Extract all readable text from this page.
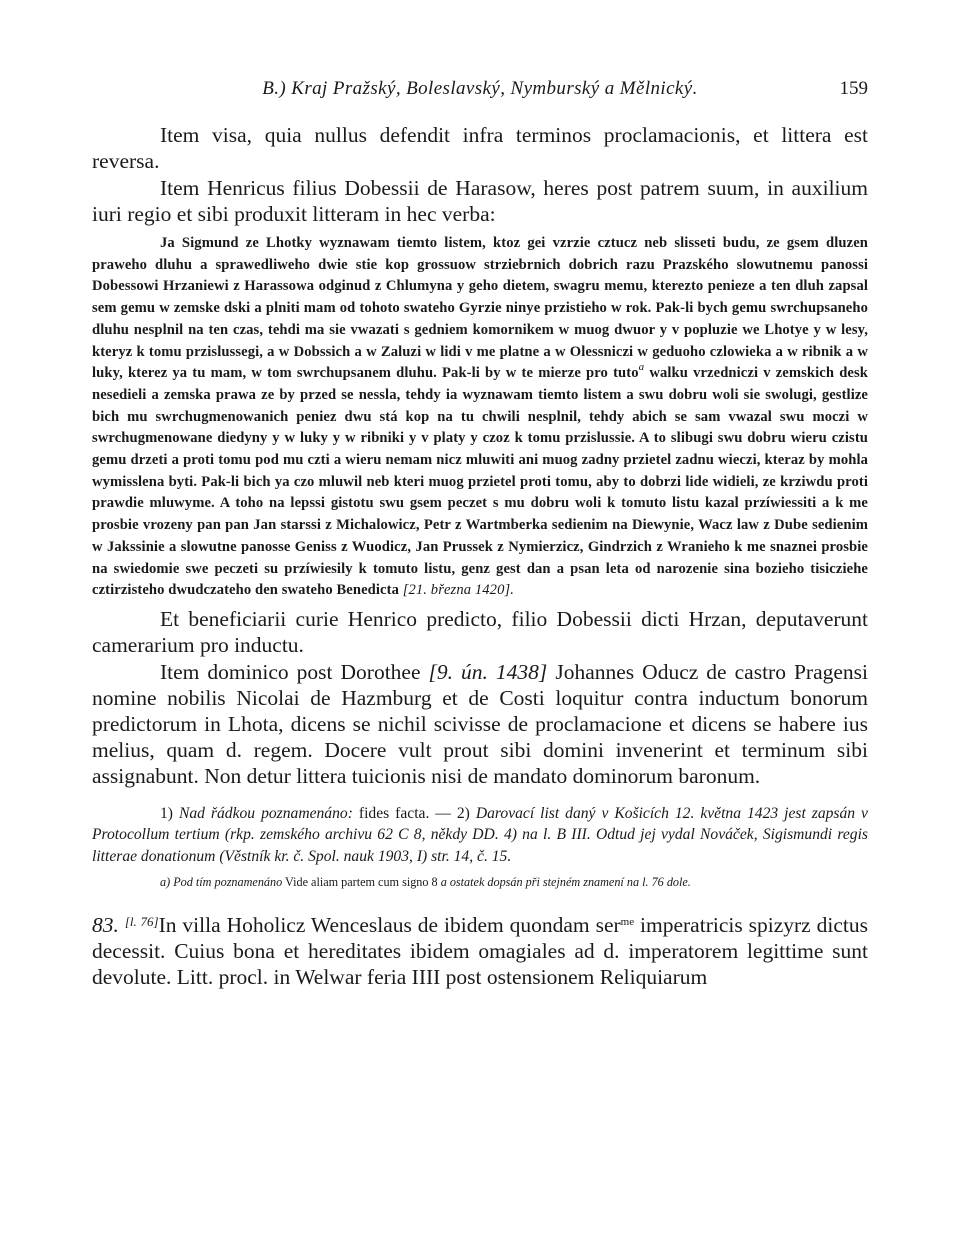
B.) Kraj Pražský, Boleslavský, Nymburský a Mělnický.	159

Item visa, quia nullus defendit infra terminos proclamacionis, et littera est reversa.

Item Henricus filius Dobessii de Harasow, heres post patrem suum, in auxilium iuri regio et sibi produxit litteram in hec verba:

Ja Sigmund ze Lhotky wyznawam tiemto listem, ktoz gei vzrzie cztucz neb slisseti budu, ze gsem dluzen praweho dluhu a sprawedliweho dwie stie kop grossuow strziebrnich dobrich razu Prazského slowutnemu panossi Dobessowi Hrzaniewi z Harassowa odginud z Chlumyna y geho dietem, swagru memu, kterezto penieze a ten dluh zapsal sem gemu w zemske dski a plniti mam od tohoto swateho Gyrzie ninye przistieho w rok. Pak-li bych gemu swrchupsaneho dluhu nesplnil na ten czas, tehdi ma sie vwazati s gedniem komornikem w muog dwuor y v popluzie we Lhotye y w lesy, kteryz k tomu przislussegi, a w Dobssich a w Zaluzi w lidi v me platne a w Olessniczi w geduoho czlowieka a w ribnik a w luky, kterez ya tu mam, w tom swrchupsanem dluhu. Pak-li by w te mierze pro tuto$^a$ walku vrzedniczi v zemskich desk nesedieli a zemska prawa ze by przed se nessla, tehdy ia wyznawam tiemto listem a swu dobru woli sie swolugi, gestlize bich mu swrchugmenowanich peniez dwu stá kop na tu chwili nesplnil, tehdy abich se sam vwazal swu moczi w swrchugmenowane diedyny y w luky y w ribniki y v platy y czoz k tomu przislussie. A to slibugi swu dobru wieru czistu gemu drzeti a proti tomu pod mu czti a wieru nemam nicz mluwiti ani muog zadny przietel zadnu wieczi, kteraz by mohla wymisslena byti. Pak-li bich ya czo mluwil neb kteri muog przietel proti tomu, aby to dobrzi lide widieli, ze krziwdu proti prawdie mluwyme. A toho na lepssi gistotu swu gsem peczet s mu dobru woli k tomuto listu kazal przíwiessiti a k me prosbie vrozeny pan pan Jan starssi z Michalowicz, Petr z Wartmberka sedienim na Diewynie, Wacz law z Dube sedienim w Jakssinie a slowutne panosse Geniss z Wuodicz, Jan Prussek z Nymierzicz, Gindrzich z Wranieho k me snaznei prosbie na swiedomie swe peczeti su przíwiesily k tomuto listu, genz gest dan a psan leta od narozenie sina bozieho tisicziehe cztirzisteho dwudczateho den swateho Benedicta [21. března 1420].

Et beneficiarii curie Henrico predicto, filio Dobessii dicti Hrzan, deputaverunt camerarium pro inductu.

Item dominico post Dorothee [9. ún. 1438] Johannes Oducz de castro Pragensi nomine nobilis Nicolai de Hazmburg et de Costi loquitur contra inductum bonorum predictorum in Lhota, dicens se nichil scivisse de proclamacione et dicens se habere ius melius, quam d. regem. Docere vult prout sibi domini invenerint et terminum sibi assignabunt. Non detur littera tuicionis nisi de mandato dominorum baronum.

1) Nad řádkou poznamenáno: fides facta. — 2) Darovací list daný v Košicích 12. května 1423 jest zapsán v Protocollum tertium (rkp. zemského archivu 62 C 8, někdy DD. 4) na l. B III. Odtud jej vydal Nováček, Sigismundi regis litterae donationum (Věstník kr. č. Spol. nauk 1903, I) str. 14, č. 15.

a) Pod tím poznamenáno Vide aliam partem cum signo 8 a ostatek dopsán při stejném znamení na l. 76 dole.

83. [l. 76]In villa Hoholicz Wenceslaus de ibidem quondam ser$^{me}$ imperatricis spizyrz dictus decessit. Cuius bona et hereditates ibidem omagiales ad d. imperatorem legittime sunt devolute. Litt. procl. in Welwar feria IIII post ostensionem Reliquiarum
